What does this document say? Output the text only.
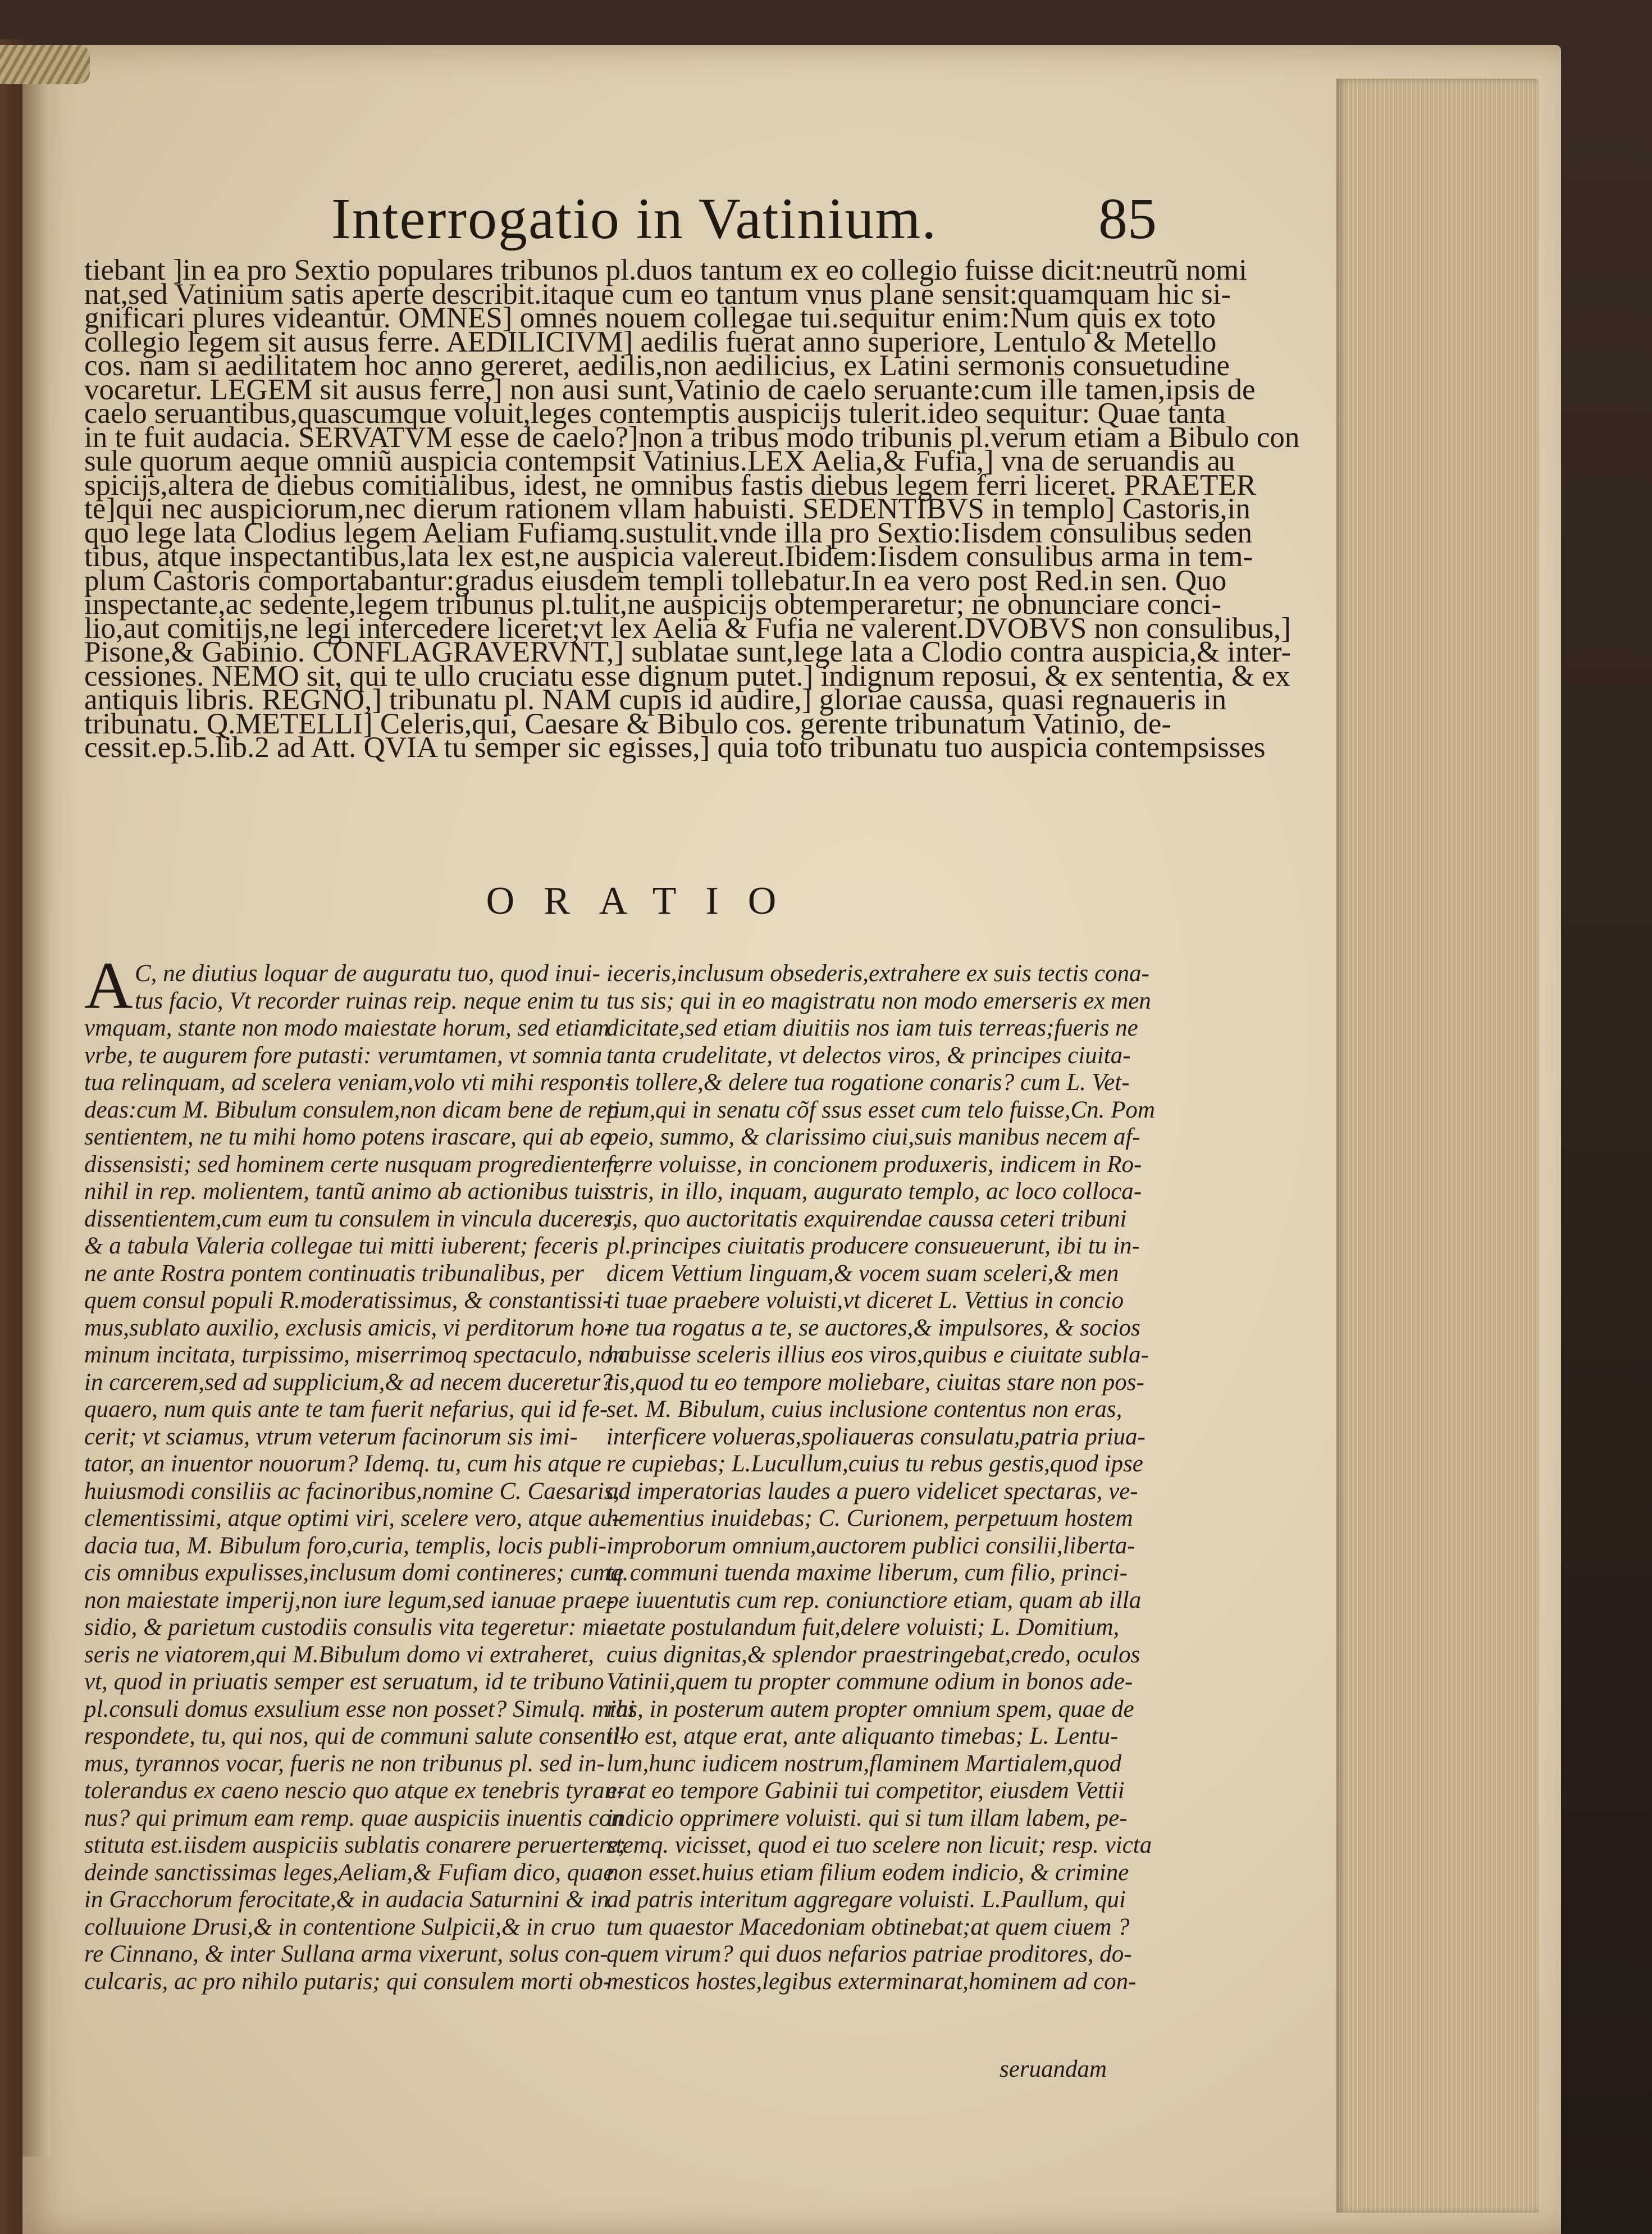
Interrogatio in Vatinium.	85

tiebant ]in ea pro Sextio populares tribunos pl.duos tantum ex eo collegio fuisse dicit:neutrũ nomi

nat,sed Vatinium satis aperte describit.itaque cum eo tantum vnus plane sensit:quamquam hic si-

gnificari plures videantur. OMNES] omnes nouem collegae tui.sequitur enim:Num quis ex toto

collegio legem sit ausus ferre. AEDILICIVM] aedilis fuerat anno superiore, Lentulo & Metello

cos. nam si aedilitatem hoc anno gereret, aedilis,non aedilicius, ex Latini sermonis consuetudine

vocaretur. LEGEM sit ausus ferre,] non ausi sunt,Vatinio de caelo seruante:cum ille tamen,ipsis de

caelo seruantibus,quascumque voluit,leges contemptis auspicijs tulerit.ideo sequitur: Quae tanta

in te fuit audacia. SERVATVM esse de caelo?]non a tribus modo tribunis pl.verum etiam a Bibulo con

sule quorum aeque omniũ auspicia contempsit Vatinius.LEX Aelia,& Fufia,] vna de seruandis au

spicijs,altera de diebus comitialibus, idest, ne omnibus fastis diebus legem ferri liceret. PRAETER

te]qui nec auspiciorum,nec dierum rationem vllam habuisti. SEDENTIBVS in templo] Castoris,in

quo lege lata Clodius legem Aeliam Fufiamq.sustulit.vnde illa pro Sextio:Iisdem consulibus seden

tibus, atque inspectantibus,lata lex est,ne auspicia valereut.Ibidem:Iisdem consulibus arma in tem-

plum Castoris comportabantur:gradus eiusdem templi tollebatur.In ea vero post Red.in sen. Quo

inspectante,ac sedente,legem tribunus pl.tulit,ne auspicijs obtemperaretur; ne obnunciare conci-

lio,aut comitijs,ne legi intercedere liceret;vt lex Aelia & Fufia ne valerent.DVOBVS non consulibus,]

Pisone,& Gabinio. CONFLAGRAVERVNT,] sublatae sunt,lege lata a Clodio contra auspicia,& inter-

cessiones. NEMO sit, qui te ullo cruciatu esse dignum putet.] indignum reposui, & ex sententia, & ex

antiquis libris. REGNO,] tribunatu pl. NAM cupis id audire,] gloriae caussa, quasi regnaueris in

tribunatu. Q.METELLI] Celeris,qui, Caesare & Bibulo cos. gerente tribunatum Vatinio, de-

cessit.ep.5.lib.2 ad Att. QVIA tu semper sic egisses,] quia toto tribunatu tuo auspicia contempsisses

ORATIO
A C, ne diutius loquar de auguratu tuo, quod inui-

tus facio, Vt recorder ruinas reip. neque enim tu

vmquam, stante non modo maiestate horum, sed etiam

vrbe, te augurem fore putasti: verumtamen, vt somnia

tua relinquam, ad scelera veniam,volo vti mihi respon-

deas:cum M. Bibulum consulem,non dicam bene de rep.

sentientem, ne tu mihi homo potens irascare, qui ab eo

dissensisti; sed hominem certe nusquam progredientem,

nihil in rep. molientem, tantũ animo ab actionibus tuis

dissentientem,cum eum tu consulem in vincula duceres,

& a tabula Valeria collegae tui mitti iuberent; feceris

ne ante Rostra pontem continuatis tribunalibus, per

quem consul populi R.moderatissimus, & constantissi-

mus,sublato auxilio, exclusis amicis, vi perditorum ho-

minum incitata, turpissimo, miserrimoq spectaculo, non

in carcerem,sed ad supplicium,& ad necem duceretur?

quaero, num quis ante te tam fuerit nefarius, qui id fe-

cerit; vt sciamus, vtrum veterum facinorum sis imi-

tator, an inuentor nouorum? Idemq. tu, cum his atque

huiusmodi consiliis ac facinoribus,nomine C. Caesaris,

clementissimi, atque optimi viri, scelere vero, atque au-

dacia tua, M. Bibulum foro,curia, templis, locis publi-

cis omnibus expulisses,inclusum domi contineres; cumq.

non maiestate imperij,non iure legum,sed ianuae prae-

sidio, & parietum custodiis consulis vita tegeretur: mi-

seris ne viatorem,qui M.Bibulum domo vi extraheret,

vt, quod in priuatis semper est seruatum, id te tribuno

pl.consuli domus exsulium esse non posset? Simulq. mihi

respondete, tu, qui nos, qui de communi salute consenti-

mus, tyrannos vocar, fueris ne non tribunus pl. sed in-

tolerandus ex caeno nescio quo atque ex tenebris tyran-

nus? qui primum eam remp. quae auspiciis inuentis con

stituta est.iisdem auspiciis sublatis conarere peruertere;

deinde sanctissimas leges,Aeliam,& Fufiam dico, quae

in Gracchorum ferocitate,& in audacia Saturnini & in

colluuione Drusi,& in contentione Sulpicii,& in cruo

re Cinnano, & inter Sullana arma vixerunt, solus con-

culcaris, ac pro nihilo putaris; qui consulem morti ob-

ieceris,inclusum obsederis,extrahere ex suis tectis cona-

tus sis; qui in eo magistratu non modo emerseris ex men

dicitate,sed etiam diuitiis nos iam tuis terreas;fueris ne

tanta crudelitate, vt delectos viros, & principes ciuita-

tis tollere,& delere tua rogatione conaris? cum L. Vet-

tium,qui in senatu cõf ssus esset cum telo fuisse,Cn. Pom

peio, summo, & clarissimo ciui,suis manibus necem af-

ferre voluisse, in concionem produxeris, indicem in Ro-

stris, in illo, inquam, augurato templo, ac loco colloca-

ris, quo auctoritatis exquirendae caussa ceteri tribuni

pl.principes ciuitatis producere consueuerunt, ibi tu in-

dicem Vettium linguam,& vocem suam sceleri,& men

ti tuae praebere voluisti,vt diceret L. Vettius in concio

ne tua rogatus a te, se auctores,& impulsores, & socios

habuisse sceleris illius eos viros,quibus e ciuitate subla-

tis,quod tu eo tempore moliebare, ciuitas stare non pos-

set. M. Bibulum, cuius inclusione contentus non eras,

interficere volueras,spoliaueras consulatu,patria priua-

re cupiebas; L.Lucullum,cuius tu rebus gestis,quod ipse

ad imperatorias laudes a puero videlicet spectaras, ve-

hementius inuidebas; C. Curionem, perpetuum hostem

improborum omnium,auctorem publici consilii,liberta-

te communi tuenda maxime liberum, cum filio, princi-

pe iuuentutis cum rep. coniunctiore etiam, quam ab illa

aetate postulandum fuit,delere voluisti; L. Domitium,

cuius dignitas,& splendor praestringebat,credo, oculos

Vatinii,quem tu propter commune odium in bonos ade-

ras, in posterum autem propter omnium spem, quae de

illo est, atque erat, ante aliquanto timebas; L. Lentu-

lum,hunc iudicem nostrum,flaminem Martialem,quod

erat eo tempore Gabinii tui competitor, eiusdem Vettii

indicio opprimere voluisti. qui si tum illam labem, pe-

stemq. vicisset, quod ei tuo scelere non licuit; resp. victa

non esset.huius etiam filium eodem indicio, & crimine

ad patris interitum aggregare voluisti. L.Paullum, qui

tum quaestor Macedoniam obtinebat;at quem ciuem ?

quem virum? qui duos nefarios patriae proditores, do-

mesticos hostes,legibus exterminarat,hominem ad con-

seruandam
